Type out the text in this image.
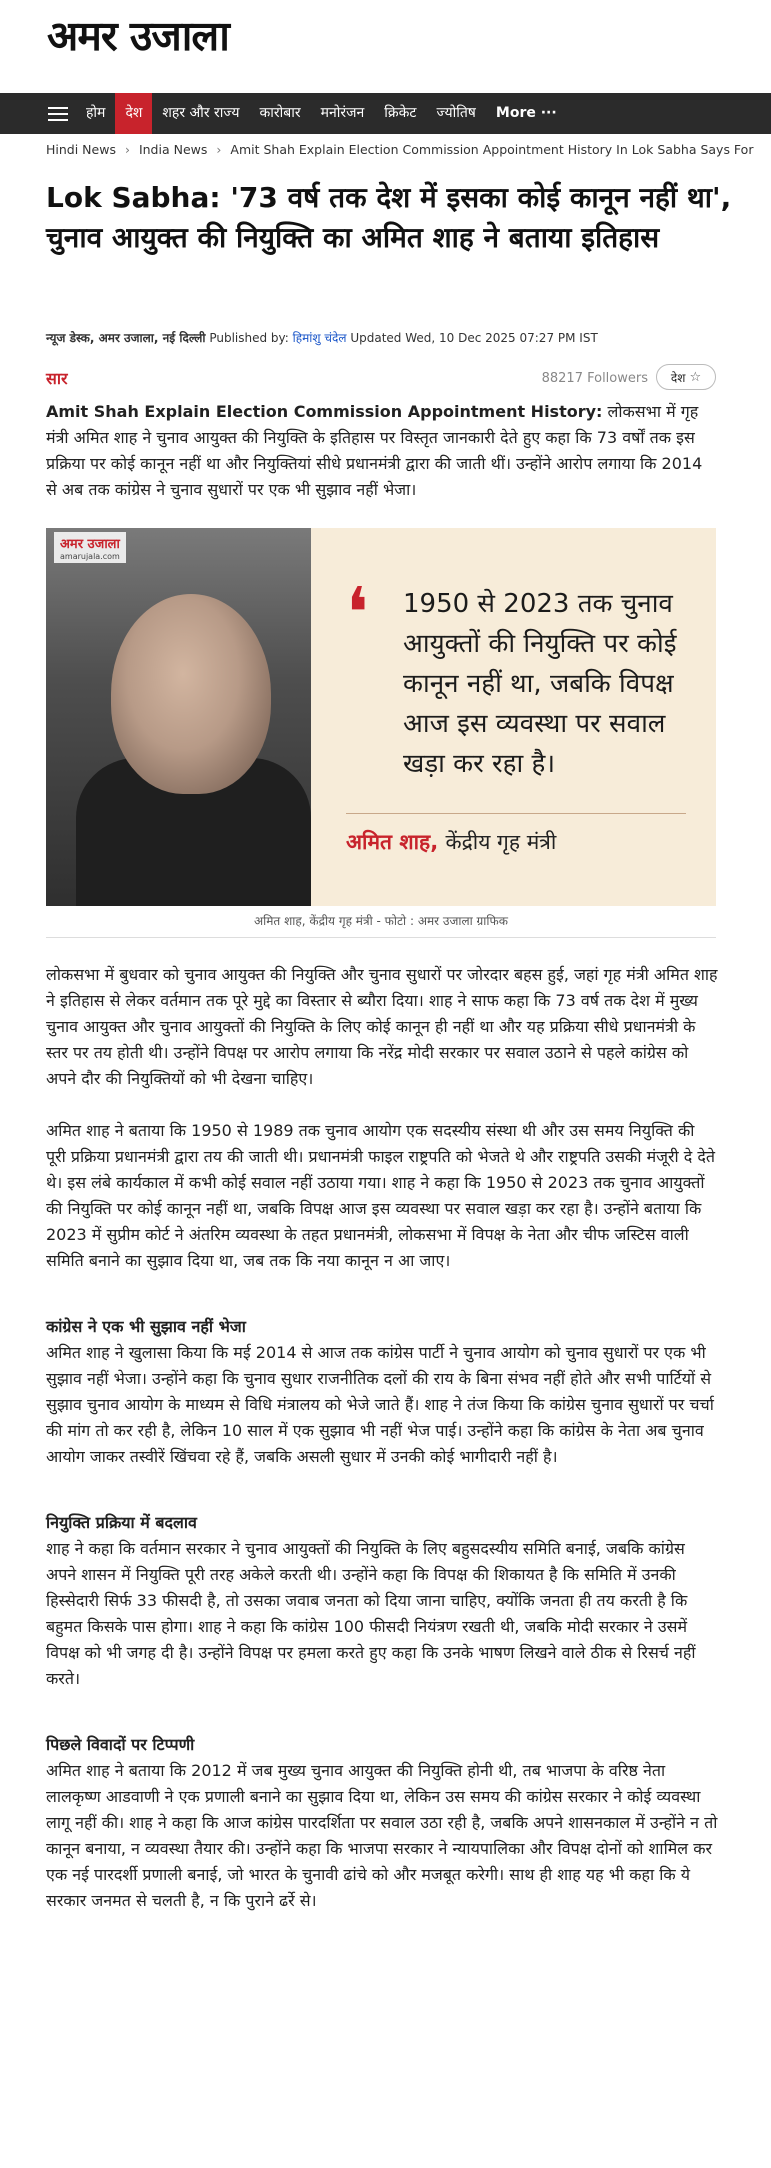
अमर उजाला
होम	देश	शहर और राज्य	कारोबार	मनोरंजन	क्रिकेट	ज्योतिष	More ···
Hindi News › India News › Amit Shah Explain Election Commission Appointment History In Lok Sabha Says For
Lok Sabha: '73 वर्ष तक देश में इसका कोई कानून नहीं था', चुनाव आयुक्त की नियुक्ति का अमित शाह ने बताया इतिहास
न्यूज डेस्क, अमर उजाला, नई दिल्ली Published by: हिमांशु चंदेल Updated Wed, 10 Dec 2025 07:27 PM IST
सार	88217 Followers देश ☆
Amit Shah Explain Election Commission Appointment History: लोकसभा में गृह मंत्री अमित शाह ने चुनाव आयुक्त की नियुक्ति के इतिहास पर विस्तृत जानकारी देते हुए कहा कि 73 वर्षों तक इस प्रक्रिया पर कोई कानून नहीं था और नियुक्तियां सीधे प्रधानमंत्री द्वारा की जाती थीं। उन्होंने आरोप लगाया कि 2014 से अब तक कांग्रेस ने चुनाव सुधारों पर एक भी सुझाव नहीं भेजा।
अमर उजाला
amarujala.com
❛ 1950 से 2023 तक चुनाव आयुक्तों की नियुक्ति पर कोई कानून नहीं था, जबकि विपक्ष आज इस व्यवस्था पर सवाल खड़ा कर रहा है।
अमित शाह, केंद्रीय गृह मंत्री
अमित शाह, केंद्रीय गृह मंत्री - फोटो : अमर उजाला ग्राफिक

लोकसभा में बुधवार को चुनाव आयुक्त की नियुक्ति और चुनाव सुधारों पर जोरदार बहस हुई, जहां गृह मंत्री अमित शाह ने इतिहास से लेकर वर्तमान तक पूरे मुद्दे का विस्तार से ब्यौरा दिया। शाह ने साफ कहा कि 73 वर्ष तक देश में मुख्य चुनाव आयुक्त और चुनाव आयुक्तों की नियुक्ति के लिए कोई कानून ही नहीं था और यह प्रक्रिया सीधे प्रधानमंत्री के स्तर पर तय होती थी। उन्होंने विपक्ष पर आरोप लगाया कि नरेंद्र मोदी सरकार पर सवाल उठाने से पहले कांग्रेस को अपने दौर की नियुक्तियों को भी देखना चाहिए।

अमित शाह ने बताया कि 1950 से 1989 तक चुनाव आयोग एक सदस्यीय संस्था थी और उस समय नियुक्ति की पूरी प्रक्रिया प्रधानमंत्री द्वारा तय की जाती थी। प्रधानमंत्री फाइल राष्ट्रपति को भेजते थे और राष्ट्रपति उसकी मंजूरी दे देते थे। इस लंबे कार्यकाल में कभी कोई सवाल नहीं उठाया गया। शाह ने कहा कि 1950 से 2023 तक चुनाव आयुक्तों की नियुक्ति पर कोई कानून नहीं था, जबकि विपक्ष आज इस व्यवस्था पर सवाल खड़ा कर रहा है। उन्होंने बताया कि 2023 में सुप्रीम कोर्ट ने अंतरिम व्यवस्था के तहत प्रधानमंत्री, लोकसभा में विपक्ष के नेता और चीफ जस्टिस वाली समिति बनाने का सुझाव दिया था, जब तक कि नया कानून न आ जाए।

कांग्रेस ने एक भी सुझाव नहीं भेजा

अमित शाह ने खुलासा किया कि मई 2014 से आज तक कांग्रेस पार्टी ने चुनाव आयोग को चुनाव सुधारों पर एक भी सुझाव नहीं भेजा। उन्होंने कहा कि चुनाव सुधार राजनीतिक दलों की राय के बिना संभव नहीं होते और सभी पार्टियों से सुझाव चुनाव आयोग के माध्यम से विधि मंत्रालय को भेजे जाते हैं। शाह ने तंज किया कि कांग्रेस चुनाव सुधारों पर चर्चा की मांग तो कर रही है, लेकिन 10 साल में एक सुझाव भी नहीं भेज पाई। उन्होंने कहा कि कांग्रेस के नेता अब चुनाव आयोग जाकर तस्वीरें खिंचवा रहे हैं, जबकि असली सुधार में उनकी कोई भागीदारी नहीं है।

नियुक्ति प्रक्रिया में बदलाव

शाह ने कहा कि वर्तमान सरकार ने चुनाव आयुक्तों की नियुक्ति के लिए बहुसदस्यीय समिति बनाई, जबकि कांग्रेस अपने शासन में नियुक्ति पूरी तरह अकेले करती थी। उन्होंने कहा कि विपक्ष की शिकायत है कि समिति में उनकी हिस्सेदारी सिर्फ 33 फीसदी है, तो उसका जवाब जनता को दिया जाना चाहिए, क्योंकि जनता ही तय करती है कि बहुमत किसके पास होगा। शाह ने कहा कि कांग्रेस 100 फीसदी नियंत्रण रखती थी, जबकि मोदी सरकार ने उसमें विपक्ष को भी जगह दी है। उन्होंने विपक्ष पर हमला करते हुए कहा कि उनके भाषण लिखने वाले ठीक से रिसर्च नहीं करते।

पिछले विवादों पर टिप्पणी

अमित शाह ने बताया कि 2012 में जब मुख्य चुनाव आयुक्त की नियुक्ति होनी थी, तब भाजपा के वरिष्ठ नेता लालकृष्ण आडवाणी ने एक प्रणाली बनाने का सुझाव दिया था, लेकिन उस समय की कांग्रेस सरकार ने कोई व्यवस्था लागू नहीं की। शाह ने कहा कि आज कांग्रेस पारदर्शिता पर सवाल उठा रही है, जबकि अपने शासनकाल में उन्होंने न तो कानून बनाया, न व्यवस्था तैयार की। उन्होंने कहा कि भाजपा सरकार ने न्यायपालिका और विपक्ष दोनों को शामिल कर एक नई पारदर्शी प्रणाली बनाई, जो भारत के चुनावी ढांचे को और मजबूत करेगी। साथ ही शाह यह भी कहा कि ये सरकार जनमत से चलती है, न कि पुराने ढर्रे से।
